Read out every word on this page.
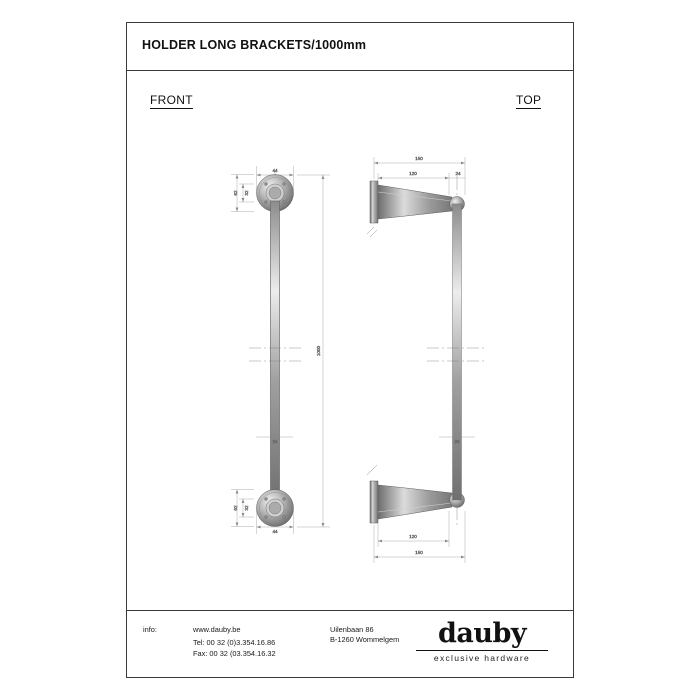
HOLDER LONG BRACKETS/1000mm
FRONT	TOP
44
62 32
44
62 32
1000
24
150
120	24
120
150
24
info:	www.dauby.be
Tel: 00 32 (0)3.354.16.86
Fax: 00 32 (03.354.16.32
Uilenbaan 86
B-1260 Wommelgem	dauby
exclusive hardware
